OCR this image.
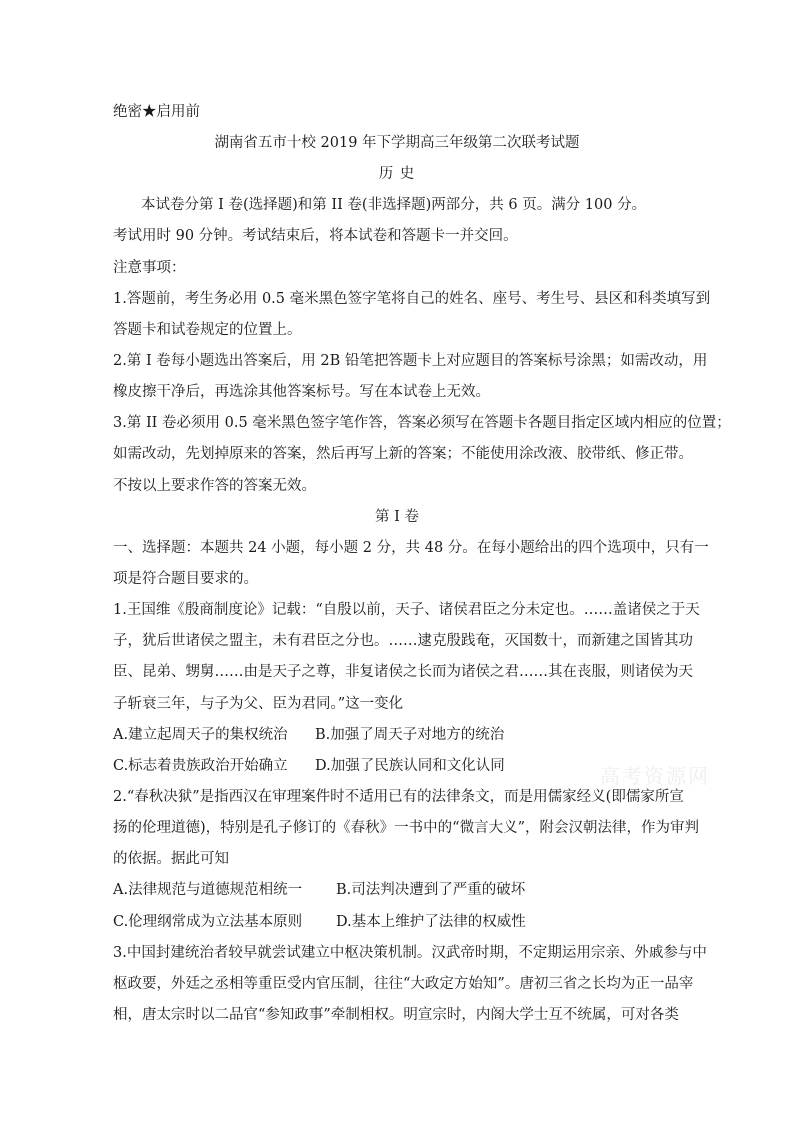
绝密★启用前
湖南省五市十校 2019 年下学期高三年级第二次联考试题
历 史
本试卷分第 I 卷(选择题)和第 II 卷(非选择题)两部分，共 6 页。满分 100 分。
考试用时 90 分钟。考试结束后，将本试卷和答题卡一并交回。
注意事项：
1.答题前，考生务必用 0.5 毫米黑色签字笔将自己的姓名、座号、考生号、县区和科类填写到
答题卡和试卷规定的位置上。
2.第 I 卷每小题选出答案后，用 2B 铅笔把答题卡上对应题目的答案标号涂黑；如需改动，用
橡皮擦干净后，再选涂其他答案标号。写在本试卷上无效。
3.第 II 卷必须用 0.5 毫米黑色签字笔作答，答案必须写在答题卡各题目指定区域内相应的位置；
如需改动，先划掉原来的答案，然后再写上新的答案；不能使用涂改液、胶带纸、修正带。
不按以上要求作答的答案无效。
第 I 卷
一、选择题：本题共 24 小题，每小题 2 分，共 48 分。在每小题给出的四个选项中，只有一
项是符合题目要求的。
1.王国维《殷商制度论》记载：“自殷以前，天子、诸侯君臣之分未定也。……盖诸侯之于天
子，犹后世诸侯之盟主，未有君臣之分也。……逮克殷践奄，灭国数十，而新建之国皆其功
臣、昆弟、甥舅……由是天子之尊，非复诸侯之长而为诸侯之君……其在丧服，则诸侯为天
子斩衰三年，与子为父、臣为君同。”这一变化
A.建立起周天子的集权统治 B.加强了周天子对地方的统治
C.标志着贵族政治开始确立 D.加强了民族认同和文化认同
2.“春秋决狱”是指西汉在审理案件时不适用已有的法律条文，而是用儒家经义(即儒家所宣
扬的伦理道德)，特别是孔子修订的《春秋》一书中的“微言大义”，附会汉朝法律，作为审判
的依据。据此可知
A.法律规范与道德规范相统一 B.司法判决遭到了严重的破坏
C.伦理纲常成为立法基本原则 D.基本上维护了法律的权威性
3.中国封建统治者较早就尝试建立中枢决策机制。汉武帝时期，不定期运用宗亲、外戚参与中
枢政要，外廷之丞相等重臣受内官压制，往往“大政定方始知”。唐初三省之长均为正一品宰
相，唐太宗时以二品官“参知政事”牵制相权。明宣宗时，内阁大学士互不统属，可对各类
高考资源网
